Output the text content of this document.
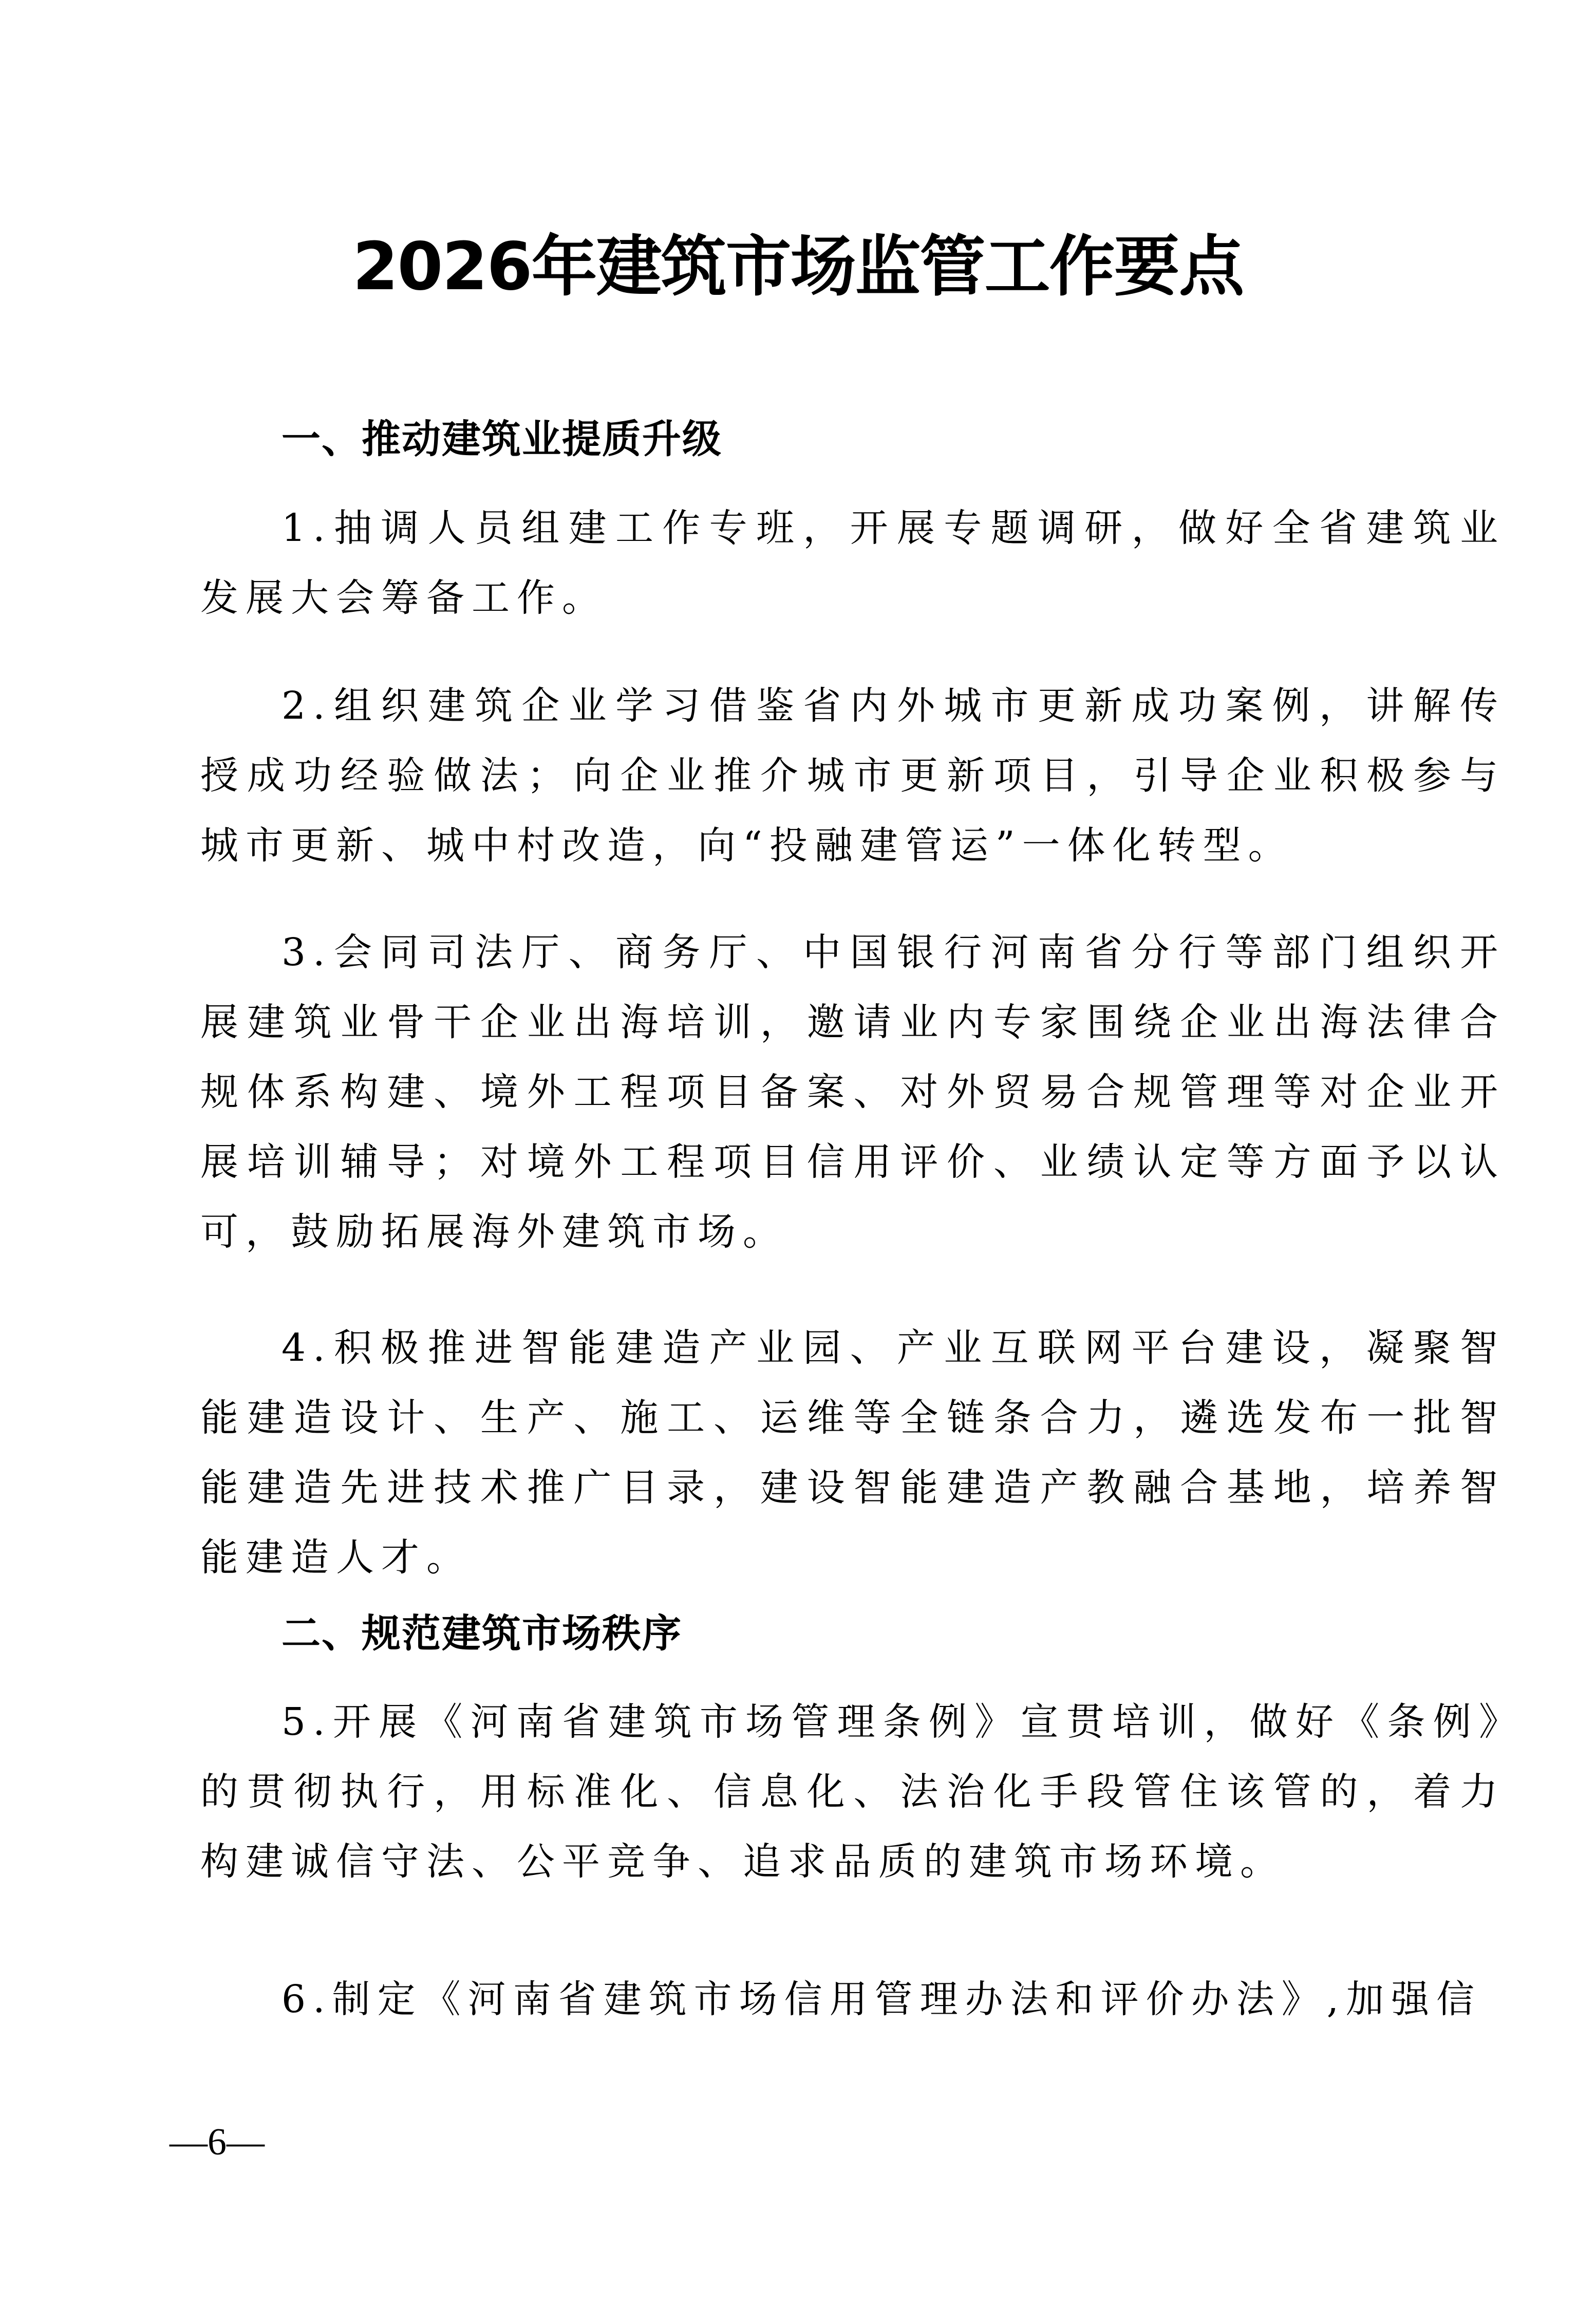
2026年建筑市场监管工作要点
一、推动建筑业提质升级
1.抽调人员组建工作专班，开展专题调研，做好全省建筑业发展大会筹备工作。
2.组织建筑企业学习借鉴省内外城市更新成功案例，讲解传授成功经验做法；向企业推介城市更新项目，引导企业积极参与城市更新、城中村改造，向“投融建管运”一体化转型。
3.会同司法厅、商务厅、中国银行河南省分行等部门组织开展建筑业骨干企业出海培训，邀请业内专家围绕企业出海法律合规体系构建、境外工程项目备案、对外贸易合规管理等对企业开展培训辅导；对境外工程项目信用评价、业绩认定等方面予以认可，鼓励拓展海外建筑市场。
4.积极推进智能建造产业园、产业互联网平台建设，凝聚智能建造设计、生产、施工、运维等全链条合力，遴选发布一批智能建造先进技术推广目录，建设智能建造产教融合基地，培养智能建造人才。
二、规范建筑市场秩序
5.开展《河南省建筑市场管理条例》宣贯培训，做好《条例》的贯彻执行，用标准化、信息化、法治化手段管住该管的，着力构建诚信守法、公平竞争、追求品质的建筑市场环境。
6.制定《河南省建筑市场信用管理办法和评价办法》,加强信
—6—
